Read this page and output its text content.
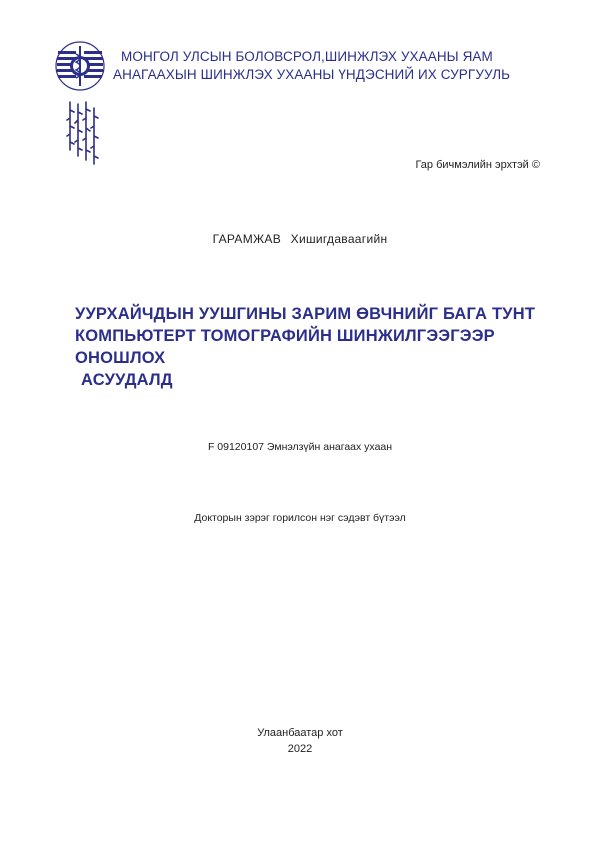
МОНГОЛ УЛСЫН БОЛОВСРОЛ,ШИНЖЛЭХ УХААНЫ ЯАМ
АНАГААХЫН ШИНЖЛЭХ УХААНЫ ҮНДЭСНИЙ ИХ СУРГУУЛЬ
Гар бичмэлийн эрхтэй ©
ГАРАМЖАВ Хишигдаваагийн
УУРХАЙЧДЫН УУШГИНЫ ЗАРИМ ӨВЧНИЙГ БАГА ТУНТ
КОМПЬЮТЕРТ ТОМОГРАФИЙН ШИНЖИЛГЭЭГЭЭР ОНОШЛОХ
АСУУДАЛД
F 09120107 Эмнэлзүйн анагаах ухаан
Докторын зэрэг горилсон нэг сэдэвт бүтээл
Улаанбаатар хот
2022
